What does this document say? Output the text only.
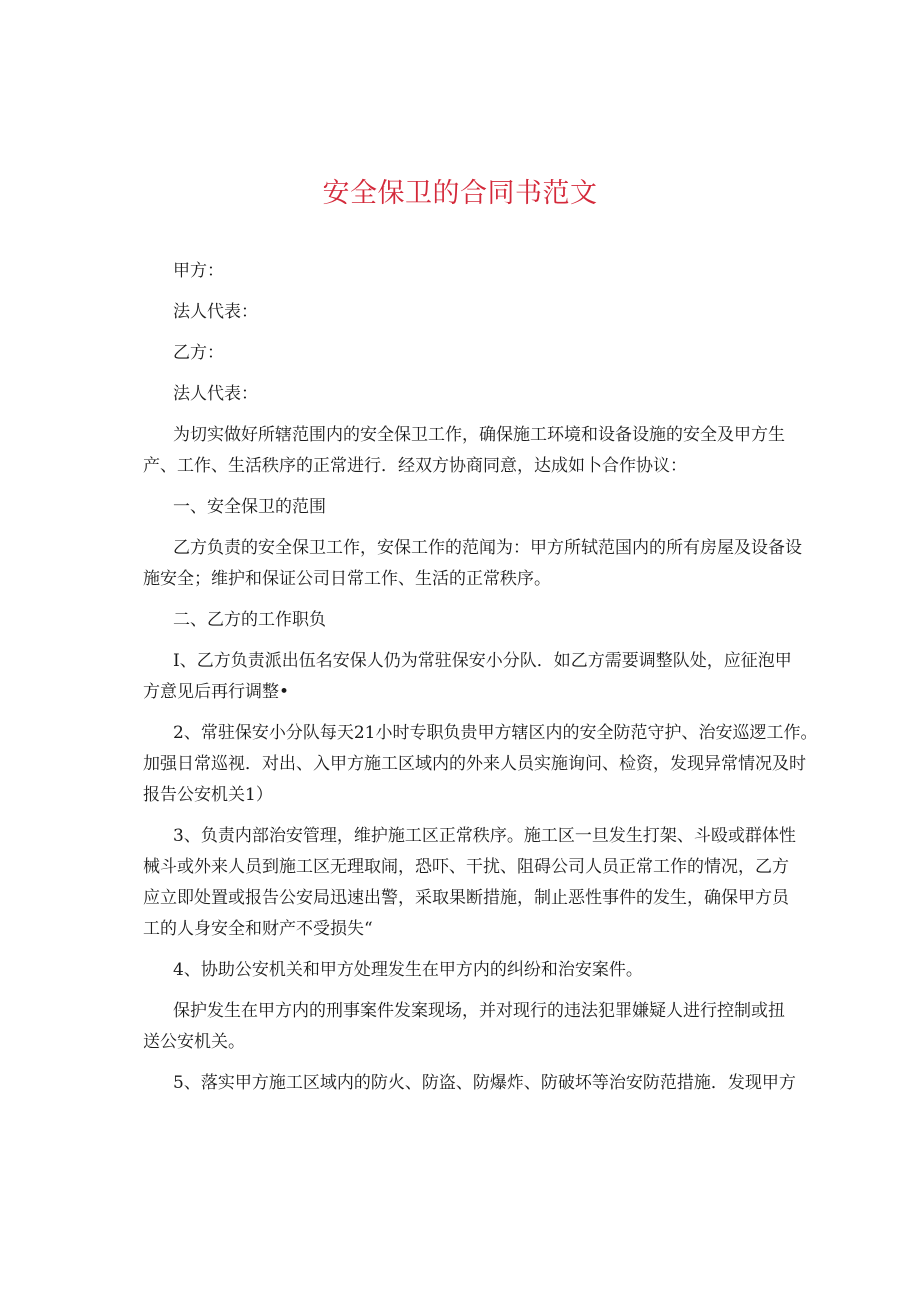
安全保卫的合同书范文

甲方：

法人代表：

乙方：

法人代表：

为切实做好所辖范围内的安全保卫工作，确保施工环境和设备设施的安全及甲方生
产、工作、生活秩序的正常进行．经双方协商同意，达成如卜合作协议：
一、安全保卫的范围
乙方负责的安全保卫工作，安保工作的范闻为：甲方所轼范国内的所有房屋及设备设
施安全；维护和保证公司日常工作、生活的正常秩序。
二、乙方的工作职负
I、乙方负责派出伍名安保人仍为常驻保安小分队．如乙方需要调整队处，应征泡甲
方意见后再行调整•
2、常驻保安小分队每天21小时专职负贵甲方辖区内的安全防范守护、治安巡逻工作。
加强日常巡视．对出、入甲方施工区域内的外来人员实施询问、检资，发现异常情况及时
报告公安机关1）
3、负责内部治安管理，维护施工区正常秩序。施工区一旦发生打架、斗殴或群体性
械斗或外来人员到施工区无理取闹，恐吓、干扰、阻碍公司人员正常工作的情况，乙方
应立即处置或报告公安局迅速出警，采取果断措施，制止恶性事件的发生，确保甲方员
工的人身安全和财产不受损失“
4、协助公安机关和甲方处理发生在甲方内的纠纷和治安案件。
保护发生在甲方内的刑事案件发案现场，并对现行的违法犯罪嫌疑人进行控制或扭
送公安机关。
5、落实甲方施工区域内的防火、防盗、防爆炸、防破坏等治安防范措施．发现甲方
